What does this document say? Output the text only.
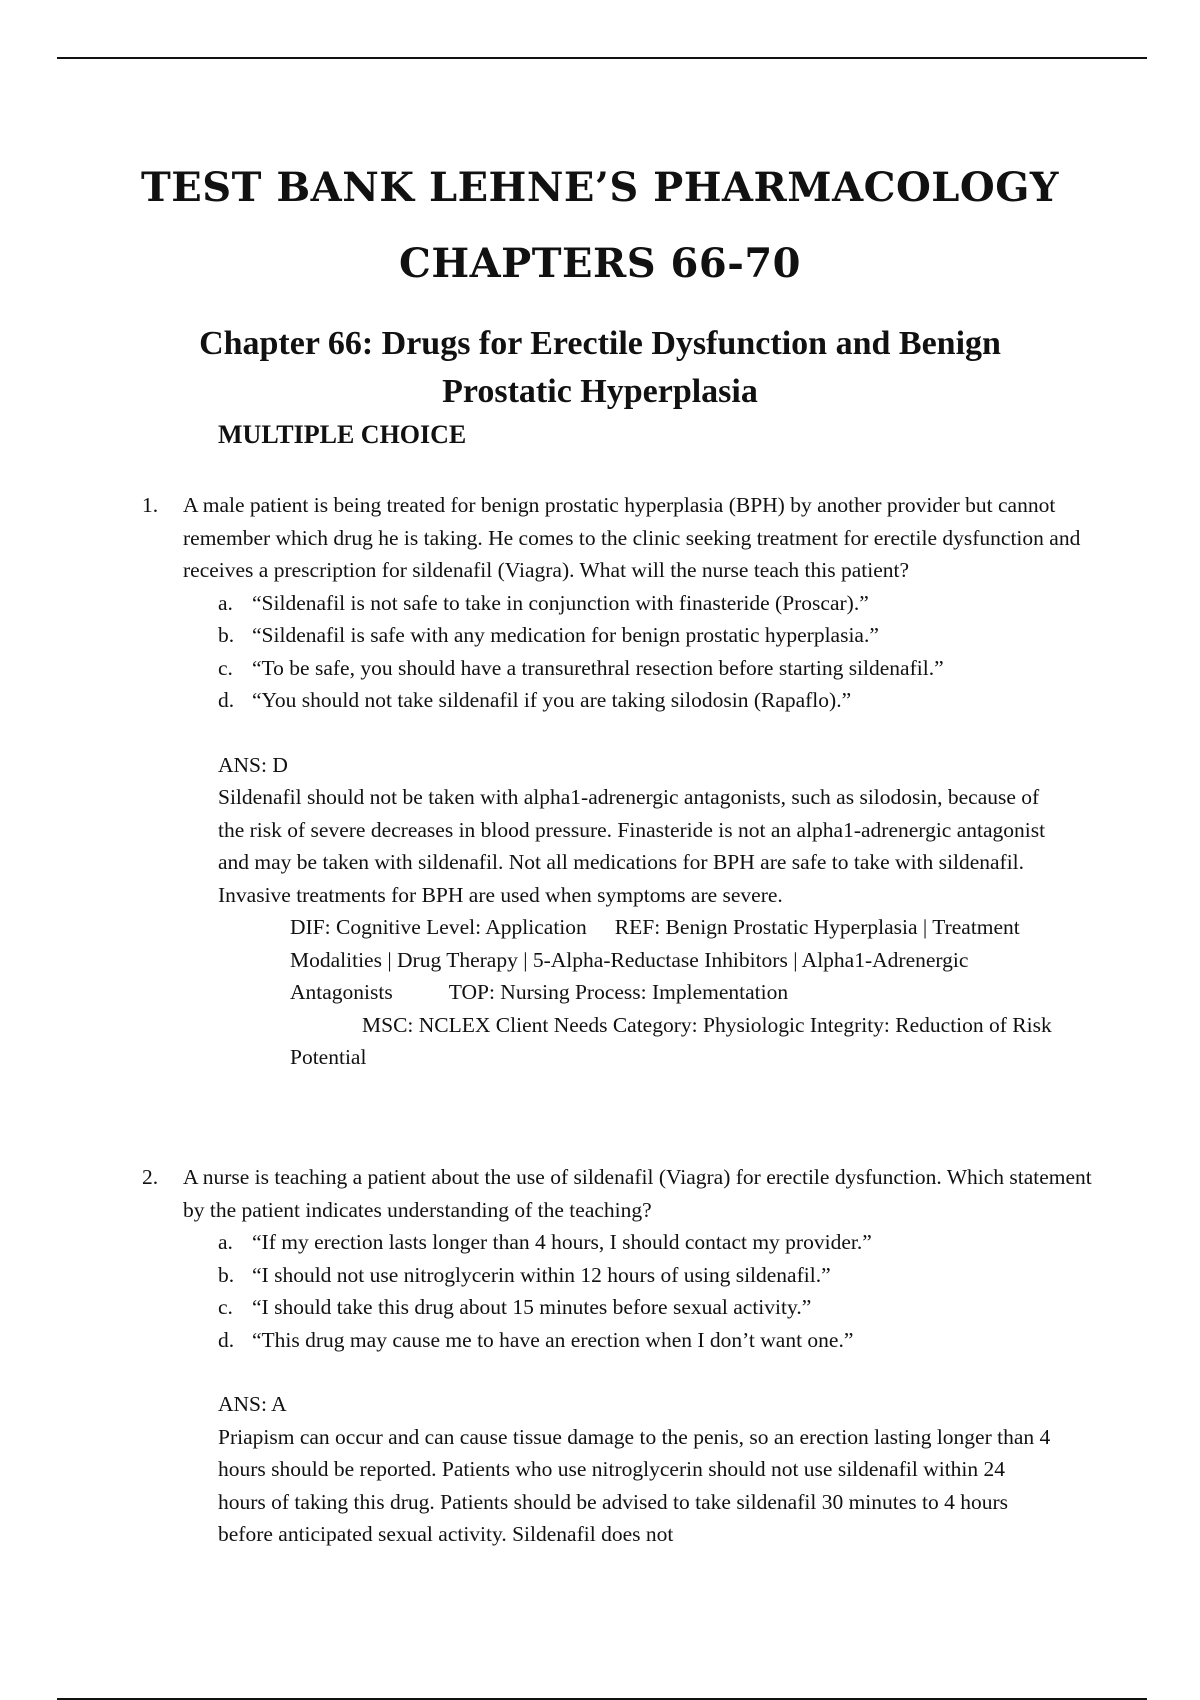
TEST BANK LEHNE’S PHARMACOLOGY
CHAPTERS 66-70
Chapter 66: Drugs for Erectile Dysfunction and Benign Prostatic Hyperplasia
MULTIPLE CHOICE
1.	A male patient is being treated for benign prostatic hyperplasia (BPH) by another provider but cannot remember which drug he is taking. He comes to the clinic seeking treatment for erectile dysfunction and receives a prescription for sildenafil (Viagra). What will the nurse teach this patient?
a. “Sildenafil is not safe to take in conjunction with finasteride (Proscar).”
b. “Sildenafil is safe with any medication for benign prostatic hyperplasia.”
c. “To be safe, you should have a transurethral resection before starting sildenafil.”
d. “You should not take sildenafil if you are taking silodosin (Rapaflo).”
ANS: D
Sildenafil should not be taken with alpha1-adrenergic antagonists, such as silodosin, because of the risk of severe decreases in blood pressure. Finasteride is not an alpha1-adrenergic antagonist and may be taken with sildenafil. Not all medications for BPH are safe to take with sildenafil. Invasive treatments for BPH are used when symptoms are severe.
DIF: Cognitive Level: Application REF: Benign Prostatic Hyperplasia | Treatment Modalities | Drug Therapy | 5-Alpha-Reductase Inhibitors | Alpha1-Adrenergic Antagonists	TOP: Nursing Process: Implementation
MSC: NCLEX Client Needs Category: Physiologic Integrity: Reduction of Risk Potential
2.	A nurse is teaching a patient about the use of sildenafil (Viagra) for erectile dysfunction. Which statement by the patient indicates understanding of the teaching?
a. “If my erection lasts longer than 4 hours, I should contact my provider.”
b. “I should not use nitroglycerin within 12 hours of using sildenafil.”
c. “I should take this drug about 15 minutes before sexual activity.”
d. “This drug may cause me to have an erection when I don’t want one.”
ANS: A
Priapism can occur and can cause tissue damage to the penis, so an erection lasting longer than 4 hours should be reported. Patients who use nitroglycerin should not use sildenafil within 24 hours of taking this drug. Patients should be advised to take sildenafil 30 minutes to 4 hours before anticipated sexual activity. Sildenafil does not
